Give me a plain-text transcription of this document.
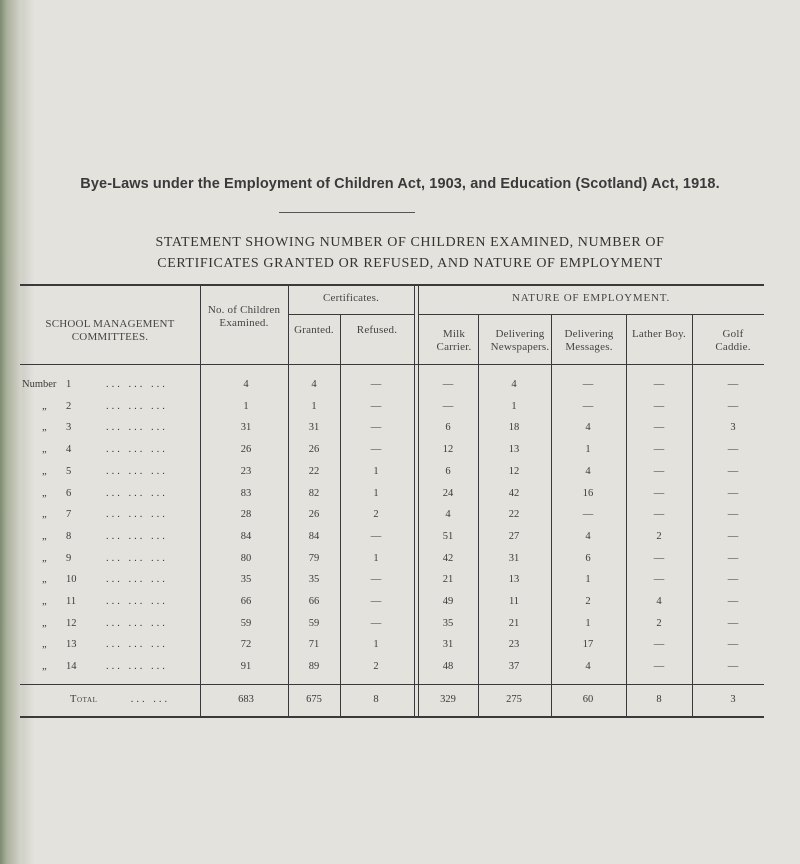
Bye-Laws under the Employment of Children Act, 1903, and Education (Scotland) Act, 1918.
STATEMENT SHOWING NUMBER OF CHILDREN EXAMINED, NUMBER OF
CERTIFICATES GRANTED OR REFUSED, AND NATURE OF EMPLOYMENT
SCHOOL MANAGEMENT COMMITTEES.
No. of Children Examined.
Certificates.
Granted.	Refused.
NATURE OF EMPLOYMENT.
Milk Carrier.
Delivering Newspapers.
Delivering Messages.
Lather Boy.	Golf Caddie.
Number 1	... ... ...	4	4	—	—	4	—	—	—
„ 2	... ... ...	1	1	—	—	1	—	—	—
„ 3	... ... ...	31	31	—	6	18	4	—	3
„ 4	... ... ...	26	26	—	12	13	1	—	—
„ 5	... ... ...	23	22	1	6	12	4	—	—
„ 6	... ... ...	83	82	1	24	42	16	—	—
„ 7	... ... ...	28	26	2	4	22	—	—	—
„ 8	... ... ...	84	84	—	51	27	4	2	—
„ 9	... ... ...	80	79	1	42	31	6	—	—
„ 10	... ... ...	35	35	—	21	13	1	—	—
„ 11	... ... ...	66	66	—	49	11	2	4	—
„ 12	... ... ...	59	59	—	35	21	1	2	—
„ 13	... ... ...	72	71	1	31	23	17	—	—
„ 14	... ... ...	91	89	2	48	37	4	—	—
Total	... ...	683	675	8	329	275	60	8	3
